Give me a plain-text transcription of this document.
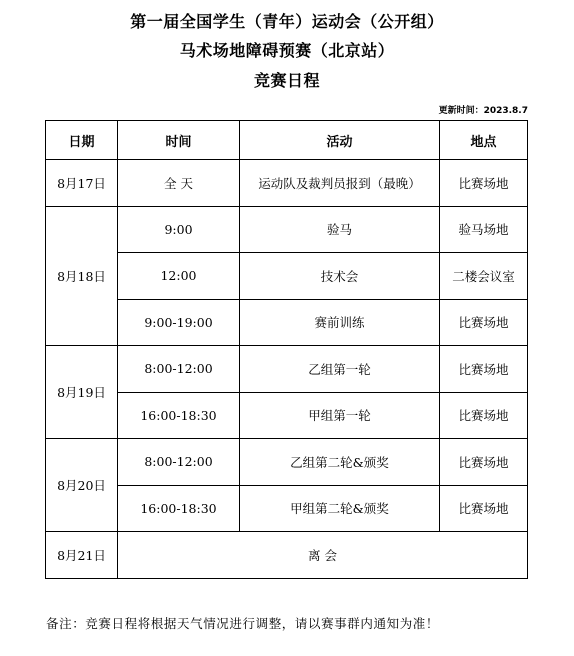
第一届全国学生（青年）运动会（公开组）
马术场地障碍预赛（北京站）
竞赛日程
更新时间：2023.8.7
日期	时间	活动	地点
8月17日	全 天	运动队及裁判员报到（最晚）	比赛场地
8月18日	9:00	验马	验马场地
	12:00	技术会	二楼会议室
	9:00-19:00	赛前训练	比赛场地
8月19日	8:00-12:00	乙组第一轮	比赛场地
	16:00-18:30	甲组第一轮	比赛场地
8月20日	8:00-12:00	乙组第二轮&颁奖	比赛场地
	16:00-18:30	甲组第二轮&颁奖	比赛场地
8月21日	离 会		
备注：竞赛日程将根据天气情况进行调整，请以赛事群内通知为准！
